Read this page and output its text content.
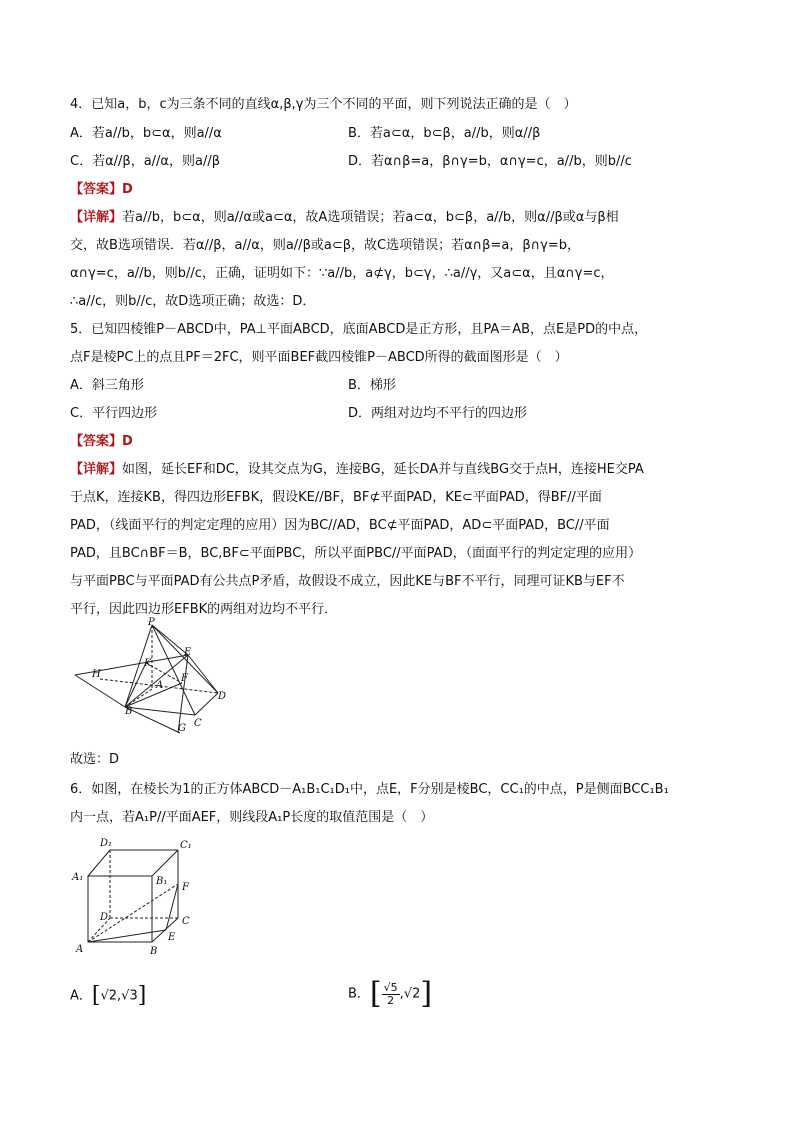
4．已知a，b，c为三条不同的直线α,β,γ为三个不同的平面，则下列说法正确的是（　）
A．若a//b，b⊂α，则a//α	B．若a⊂α，b⊂β，a//b，则α//β
C．若α//β，a//α，则a//β	D．若α∩β=a，β∩γ=b，α∩γ=c，a//b，则b//c
【答案】D
【详解】若a//b，b⊂α，则a//α或a⊂α，故A选项错误；若a⊂α，b⊂β，a//b，则α//β或α与β相
交，故B选项错误．若α//β，a//α，则a//β或a⊂β，故C选项错误；若α∩β=a，β∩γ=b，
α∩γ=c，a//b，则b//c，正确，证明如下：∵a//b，a⊄γ，b⊂γ，∴a//γ，又a⊂α，且α∩γ=c，
∴a//c，则b//c，故D选项正确；故选：D．
5．已知四棱锥P－ABCD中，PA⊥平面ABCD，底面ABCD是正方形，且PA＝AB，点E是PD的中点，
点F是棱PC上的点且PF＝2FC，则平面BEF截四棱锥P－ABCD所得的截面图形是（　）
A．斜三角形	B．梯形
C．平行四边形	D．两组对边均不平行的四边形
【答案】D
【详解】如图，延长EF和DC，设其交点为G，连接BG，延长DA并与直线BG交于点H，连接HE交PA
于点K，连接KB，得四边形EFBK，假设KE//BF，BF⊄平面PAD，KE⊂平面PAD，得BF//平面
PAD，（线面平行的判定定理的应用）因为BC//AD，BC⊄平面PAD，AD⊂平面PAD，BC//平面
PAD，且BC∩BF＝B，BC,BF⊂平面PBC，所以平面PBC//平面PAD，（面面平行的判定定理的应用）
与平面PBC与平面PAD有公共点P矛盾，故假设不成立，因此KE与BF不平行，同理可证KB与EF不
平行，因此四边形EFBK的两组对边均不平行．
P
H
K
E
A
F
D
B
C
G
故选：D
6．如图，在棱长为1的正方体ABCD－A₁B₁C₁D₁中，点E，F分别是棱BC，CC₁的中点，P是侧面BCC₁B₁
内一点，若A₁P//平面AEF，则线段A₁P长度的取值范围是（　）
D₁	C₁
A₁	B₁
F
D	C
A
E
B
A．[√2,√3]	B．[ $\frac{√5}{2} ,√2$]
